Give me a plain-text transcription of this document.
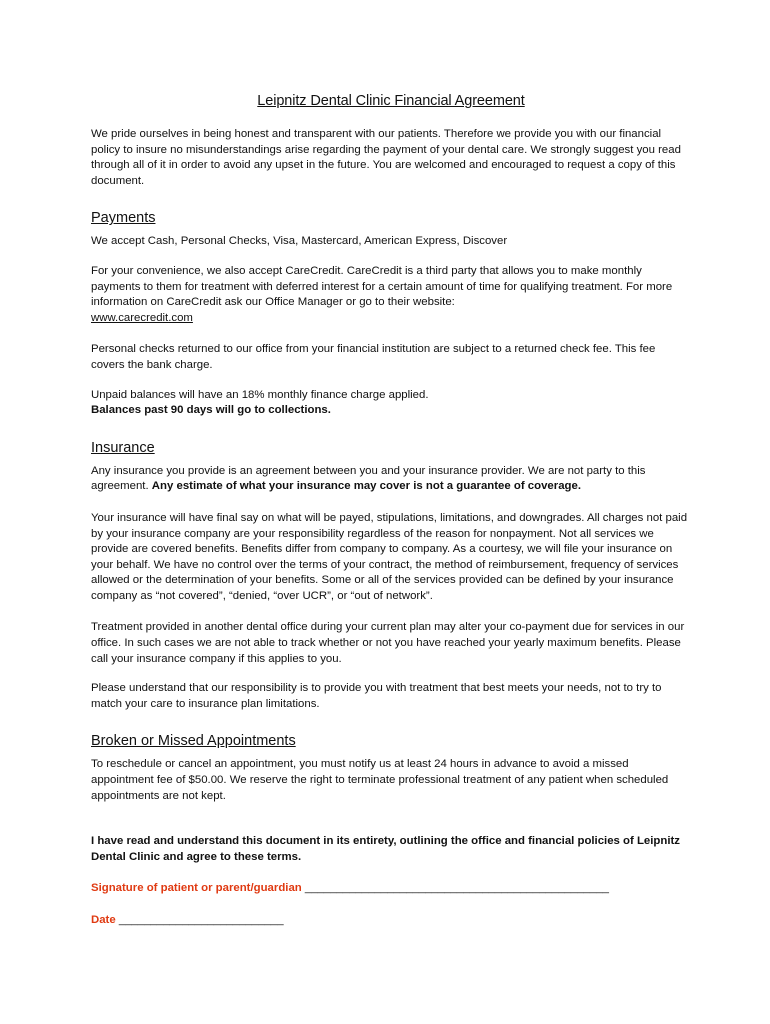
Leipnitz Dental Clinic Financial Agreement

We pride ourselves in being honest and transparent with our patients. Therefore we provide you with our financial policy to insure no misunderstandings arise regarding the payment of your dental care. We strongly suggest you read through all of it in order to avoid any upset in the future. You are welcomed and encouraged to request a copy of this document.

Payments

We accept Cash, Personal Checks, Visa, Mastercard, American Express, Discover

For your convenience, we also accept CareCredit. CareCredit is a third party that allows you to make monthly payments to them for treatment with deferred interest for a certain amount of time for qualifying treatment. For more information on CareCredit ask our Office Manager or go to their website:
www.carecredit.com

Personal checks returned to our office from your financial institution are subject to a returned check fee. This fee covers the bank charge.

Unpaid balances will have an 18% monthly finance charge applied.
Balances past 90 days will go to collections.

Insurance

Any insurance you provide is an agreement between you and your insurance provider. We are not party to this agreement. Any estimate of what your insurance may cover is not a guarantee of coverage.

Your insurance will have final say on what will be payed, stipulations, limitations, and downgrades. All charges not paid by your insurance company are your responsibility regardless of the reason for nonpayment. Not all services we provide are covered benefits. Benefits differ from company to company. As a courtesy, we will file your insurance on your behalf. We have no control over the terms of your contract, the method of reimbursement, frequency of services allowed or the determination of your benefits. Some or all of the services provided can be defined by your insurance company as “not covered”, “denied, “over UCR”, or “out of network”.

Treatment provided in another dental office during your current plan may alter your co-payment due for services in our office. In such cases we are not able to track whether or not you have reached your yearly maximum benefits. Please call your insurance company if this applies to you.

Please understand that our responsibility is to provide you with treatment that best meets your needs, not to try to match your care to insurance plan limitations.

Broken or Missed Appointments

To reschedule or cancel an appointment, you must notify us at least 24 hours in advance to avoid a missed appointment fee of $50.00. We reserve the right to terminate professional treatment of any patient when scheduled appointments are not kept.

I have read and understand this document in its entirety, outlining the office and financial policies of Leipnitz Dental Clinic and agree to these terms.

Signature of patient or parent/guardian ________________________________________________
Date __________________________
